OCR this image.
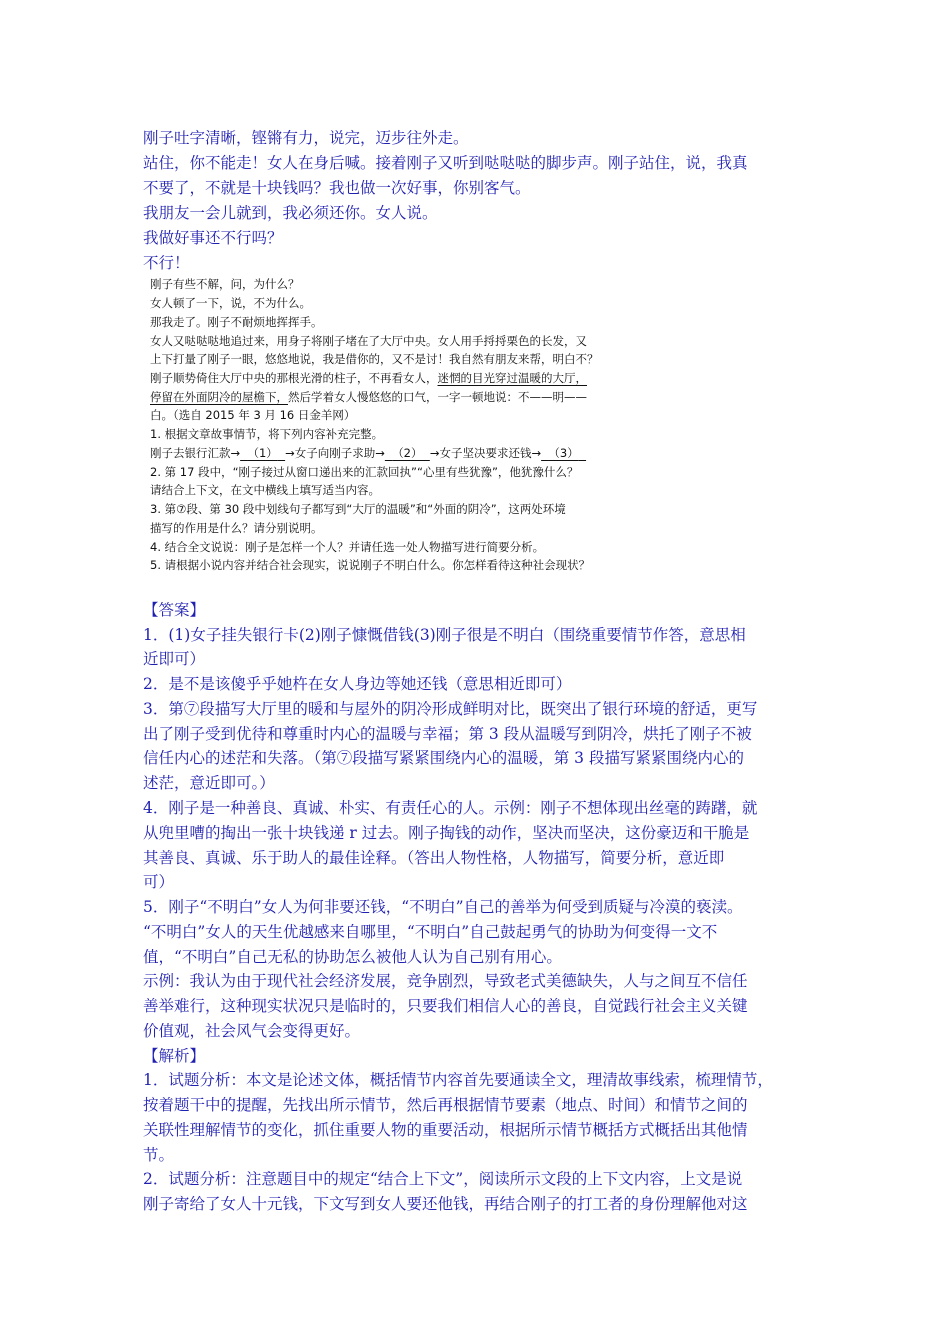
刚子吐字清晰，铿锵有力，说完，迈步往外走。
站住，你不能走！女人在身后喊。接着刚子又听到哒哒哒的脚步声。刚子站住，说，我真
不要了，不就是十块钱吗？我也做一次好事，你别客气。
我朋友一会儿就到，我必须还你。女人说。
我做好事还不行吗？
不行！
刚子有些不解，问，为什么？
女人顿了一下，说，不为什么。
那我走了。刚子不耐烦地挥挥手。
女人又哒哒哒地追过来，用身子将刚子堵在了大厅中央。女人用手捋捋栗色的长发，又
上下打量了刚子一眼，悠悠地说，我是借你的，又不是讨！我自然有朋友来帮，明白不？
刚子顺势倚住大厅中央的那根光滑的柱子，不再看女人，迷惘的目光穿过温暖的大厅，
停留在外面阴冷的屋檐下，然后学着女人慢悠悠的口气，一字一顿地说：不——明——
白。（选自 2015 年 3 月 16 日金羊网）
1. 根据文章故事情节，将下列内容补充完整。
刚子去银行汇款→ （1） →女子向刚子求助→ （2） →女子坚决要求还钱→ （3）
2. 第 17 段中，“刚子接过从窗口递出来的汇款回执”“心里有些犹豫”，他犹豫什么？
请结合上下文，在文中横线上填写适当内容。
3. 第⑦段、第 30 段中划线句子都写到“大厅的温暖”和“外面的阴冷”，这两处环境
描写的作用是什么？请分别说明。
4. 结合全文说说：刚子是怎样一个人？并请任选一处人物描写进行简要分析。
5. 请根据小说内容并结合社会现实，说说刚子不明白什么。你怎样看待这种社会现状？
【答案】
1．(1)女子挂失银行卡(2)刚子慷慨借钱(3)刚子很是不明白（围绕重要情节作答，意思相
近即可）
2．是不是该傻乎乎她杵在女人身边等她还钱（意思相近即可）
3．第⑦段描写大厅里的暖和与屋外的阴冷形成鲜明对比，既突出了银行环境的舒适，更写
出了刚子受到优待和尊重时内心的温暖与幸福；第 3 段从温暖写到阴冷，烘托了刚子不被
信任内心的述茫和失落。（第⑦段描写紧紧围绕内心的温暖，第 3 段描写紧紧围绕内心的
述茫，意近即可。）
4．刚子是一种善良、真诚、朴实、有责任心的人。示例：刚子不想体现出丝毫的踌躇，就
从兜里嘈的掏出一张十块钱递 r 过去。刚子掏钱的动作，坚决而坚决，这份豪迈和干脆是
其善良、真诚、乐于助人的最佳诠释。（答出人物性格，人物描写，简要分析，意近即
可）
5．刚子“不明白”女人为何非要还钱，“不明白”自己的善举为何受到质疑与冷漠的亵渎。
“不明白”女人的天生优越感来自哪里，“不明白”自己鼓起勇气的协助为何变得一文不
值，“不明白”自己无私的协助怎么被他人认为自己别有用心。
示例：我认为由于现代社会经济发展，竞争剧烈，导致老式美德缺失，人与之间互不信任
善举难行，这种现实状况只是临时的，只要我们相信人心的善良，自觉践行社会主义关键
价值观，社会风气会变得更好。
【解析】
1．试题分析：本文是论述文体，概括情节内容首先要通读全文，理清故事线索，梳理情节，
按着题干中的提醒，先找出所示情节，然后再根据情节要素（地点、时间）和情节之间的
关联性理解情节的变化，抓住重要人物的重要活动，根据所示情节概括方式概括出其他情
节。
2．试题分析：注意题目中的规定“结合上下文”，阅读所示文段的上下文内容，上文是说
刚子寄给了女人十元钱，下文写到女人要还他钱，再结合刚子的打工者的身份理解他对这
